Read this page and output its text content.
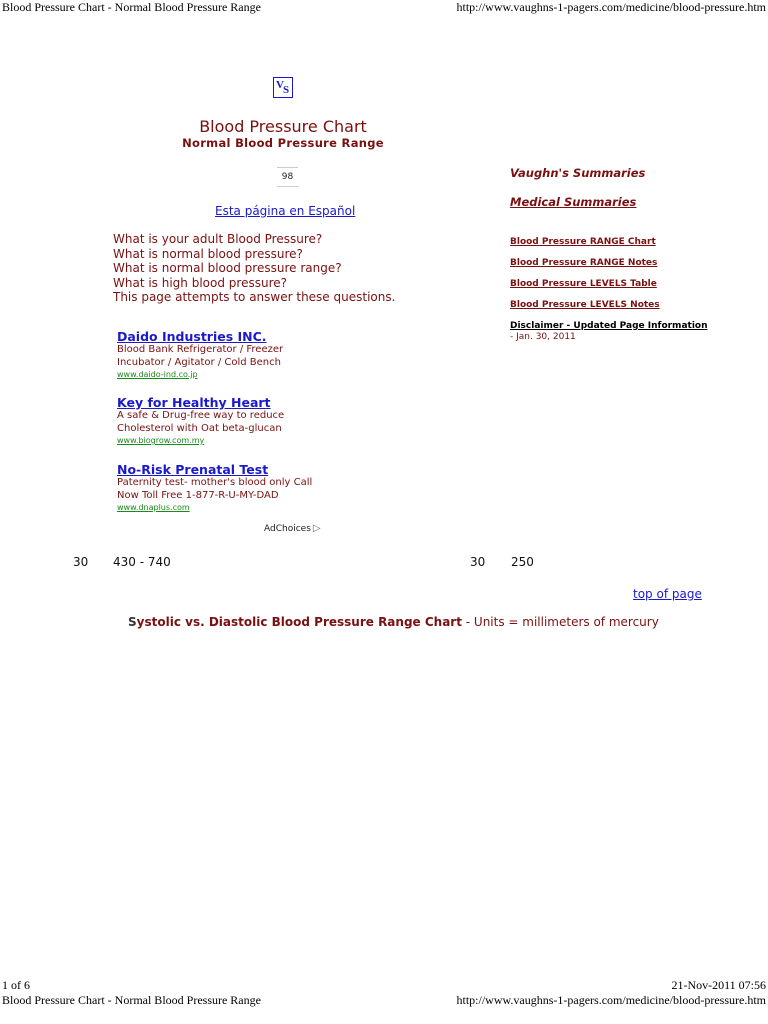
Blood Pressure Chart - Normal Blood Pressure Range	http://www.vaughns-1-pagers.com/medicine/blood-pressure.htm
V S
Blood Pressure Chart
Normal Blood Pressure Range
98
Esta página en Español
What is your adult Blood Pressure?
What is normal blood pressure?
What is normal blood pressure range?
What is high blood pressure?
This page attempts to answer these questions.
Daido Industries INC.
Blood Bank Refrigerator / Freezer
Incubator / Agitator / Cold Bench
www.daido-ind.co.jp
Key for Healthy Heart
A safe & Drug-free way to reduce
Cholesterol with Oat beta-glucan
www.biogrow.com.my
No-Risk Prenatal Test
Paternity test- mother's blood only Call
Now Toll Free 1-877-R-U-MY-DAD
www.dnaplus.com
AdChoices ▷
30 430 - 740	30 250
top of page
Systolic vs. Diastolic Blood Pressure Range Chart - Units = millimeters of mercury
Vaughn's Summaries
Medical Summaries
Blood Pressure RANGE Chart
Blood Pressure RANGE Notes
Blood Pressure LEVELS Table
Blood Pressure LEVELS Notes
Disclaimer - Updated Page Information
- Jan. 30, 2011
1 of 6	21-Nov-2011 07:56
Blood Pressure Chart - Normal Blood Pressure Range	http://www.vaughns-1-pagers.com/medicine/blood-pressure.htm
